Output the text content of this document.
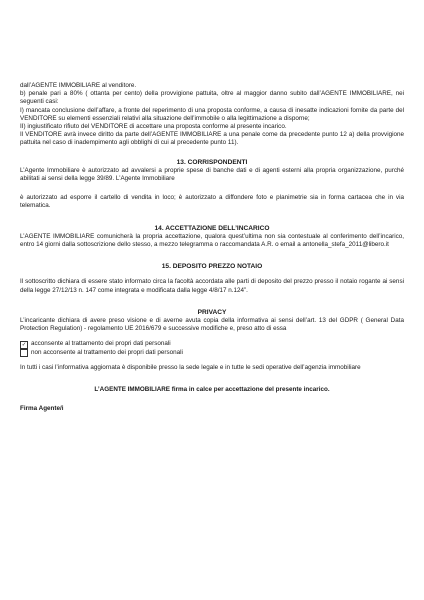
dall’AGENTE IMMOBILIARE al venditore.

b) penale pari a 80% ( ottanta per cento) della provvigione pattuita, oltre al maggior danno subito dall’AGENTE IMMOBILIARE, nei seguenti casi:

I) mancata conclusione dell’affare, a fronte del reperimento di una proposta conforme, a causa di inesatte indicazioni fornite da parte del VENDITORE su elementi essenziali relativi alla situazione dell’immobile o alla legittimazione a disporne;

II) ingiustificato rifiuto del VENDITORE di accettare una proposta conforme al presente incarico.

Il VENDITORE avrà invece diritto da parte dell’AGENTE IMMOBILIARE a una penale come da precedente punto 12 a) della provvigione pattuita nel caso di inadempimento agli obblighi di cui al precedente punto 11).

13. CORRISPONDENTI

L’Agente Immobiliare è autorizzato ad avvalersi a proprie spese di banche dati e di agenti esterni alla propria organizzazione, purché abilitati ai sensi della legge 39/89. L’Agente Immobiliare

è autorizzato ad esporre il cartello di vendita in loco; è autorizzato a diffondere foto e planimetrie sia in forma cartacea che in via telematica.

14. ACCETTAZIONE DELL’INCARICO

L’AGENTE IMMOBILIARE comunicherà la propria accettazione, qualora quest’ultima non sia contestuale al conferimento dell’incarico, entro 14 giorni dalla sottoscrizione dello stesso, a mezzo telegramma o raccomandata A.R. o email a antonella_stefa_2011@libero.it

15. DEPOSITO PREZZO NOTAIO

Il sottoscritto dichiara di essere stato informato circa la facoltà accordata alle parti di deposito del prezzo presso il notaio rogante ai sensi della legge 27/12/13 n. 147 come integrata e modificata dalla legge 4/8/17 n.124”.

PRIVACY

L’incaricante dichiara di avere preso visione e di averne avuta copia della informativa ai sensi dell’art. 13 del GDPR ( General Data Protection Regulation) - regolamento UE 2016/679 e successive modifiche e, preso atto di essa

✓ acconsente al trattamento dei propri dati personali
non acconsente al trattamento dei propri dati personali

In tutti i casi l’informativa aggiornata è disponibile presso la sede legale e in tutte le sedi operative dell’agenzia immobiliare

L’AGENTE IMMOBILIARE firma in calce per accettazione del presente incarico.

Firma Agente/i
